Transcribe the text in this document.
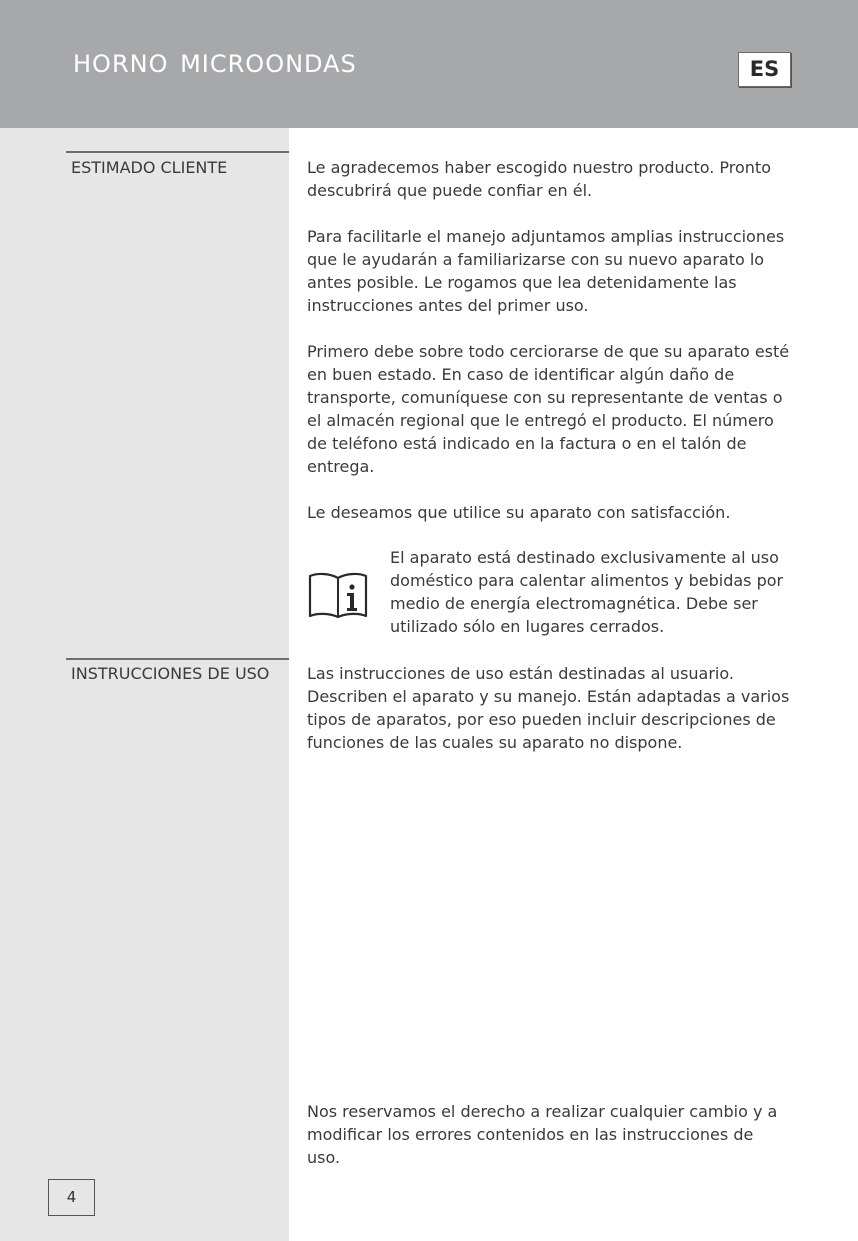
HORNO MICROONDAS	ES
ESTIMADO CLIENTE	Le agradecemos haber escogido nuestro producto. Pronto descubrirá que puede confiar en él.
Para facilitarle el manejo adjuntamos amplias instrucciones que le ayudarán a familiarizarse con su nuevo aparato lo antes posible. Le rogamos que lea detenidamente las instrucciones antes del primer uso.
Primero debe sobre todo cerciorarse de que su aparato esté en buen estado. En caso de identificar algún daño de transporte, comuníquese con su representante de ventas o el almacén regional que le entregó el producto. El número de teléfono está indicado en la factura o en el talón de entrega.
Le deseamos que utilice su aparato con satisfacción.
El aparato está destinado exclusivamente al uso doméstico para calentar alimentos y bebidas por medio de energía electromagnética. Debe ser utilizado sólo en lugares cerrados.
INSTRUCCIONES DE USO	Las instrucciones de uso están destinadas al usuario. Describen el aparato y su manejo. Están adaptadas a varios tipos de aparatos, por eso pueden incluir descripciones de funciones de las cuales su aparato no dispone.
Nos reservamos el derecho a realizar cualquier cambio y a modificar los errores contenidos en las instrucciones de uso.
4
